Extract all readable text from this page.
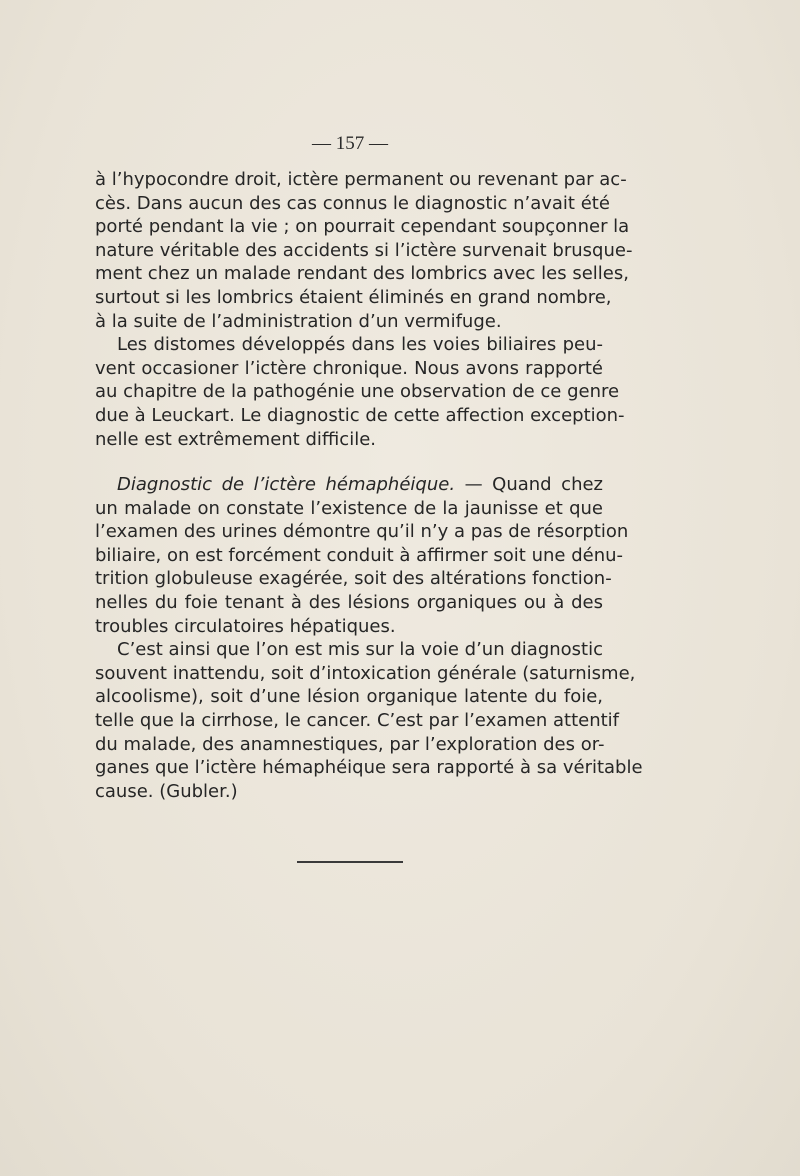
— 157 —

à l’hypocondre droit, ictère permanent ou revenant par ac-

cès. Dans aucun des cas connus le diagnostic n’avait été

porté pendant la vie ; on pourrait cependant soupçonner la

nature véritable des accidents si l’ictère survenait brusque-

ment chez un malade rendant des lombrics avec les selles,

surtout si les lombrics étaient éliminés en grand nombre,

à la suite de l’administration d’un vermifuge.

Les distomes développés dans les voies biliaires peu-

vent occasioner l’ictère chronique. Nous avons rapporté

au chapitre de la pathogénie une observation de ce genre

due à Leuckart. Le diagnostic de cette affection exception-

nelle est extrêmement difficile.

Diagnostic de l’ictère hémaphéique. — Quand chez

un malade on constate l’existence de la jaunisse et que

l’examen des urines démontre qu’il n’y a pas de résorption

biliaire, on est forcément conduit à affirmer soit une dénu-

trition globuleuse exagérée, soit des altérations fonction-

nelles du foie tenant à des lésions organiques ou à des

troubles circulatoires hépatiques.

C’est ainsi que l’on est mis sur la voie d’un diagnostic

souvent inattendu, soit d’intoxication générale (saturnisme,

alcoolisme), soit d’une lésion organique latente du foie,

telle que la cirrhose, le cancer. C’est par l’examen attentif

du malade, des anamnestiques, par l’exploration des or-

ganes que l’ictère hémaphéique sera rapporté à sa véritable

cause. (Gubler.)
